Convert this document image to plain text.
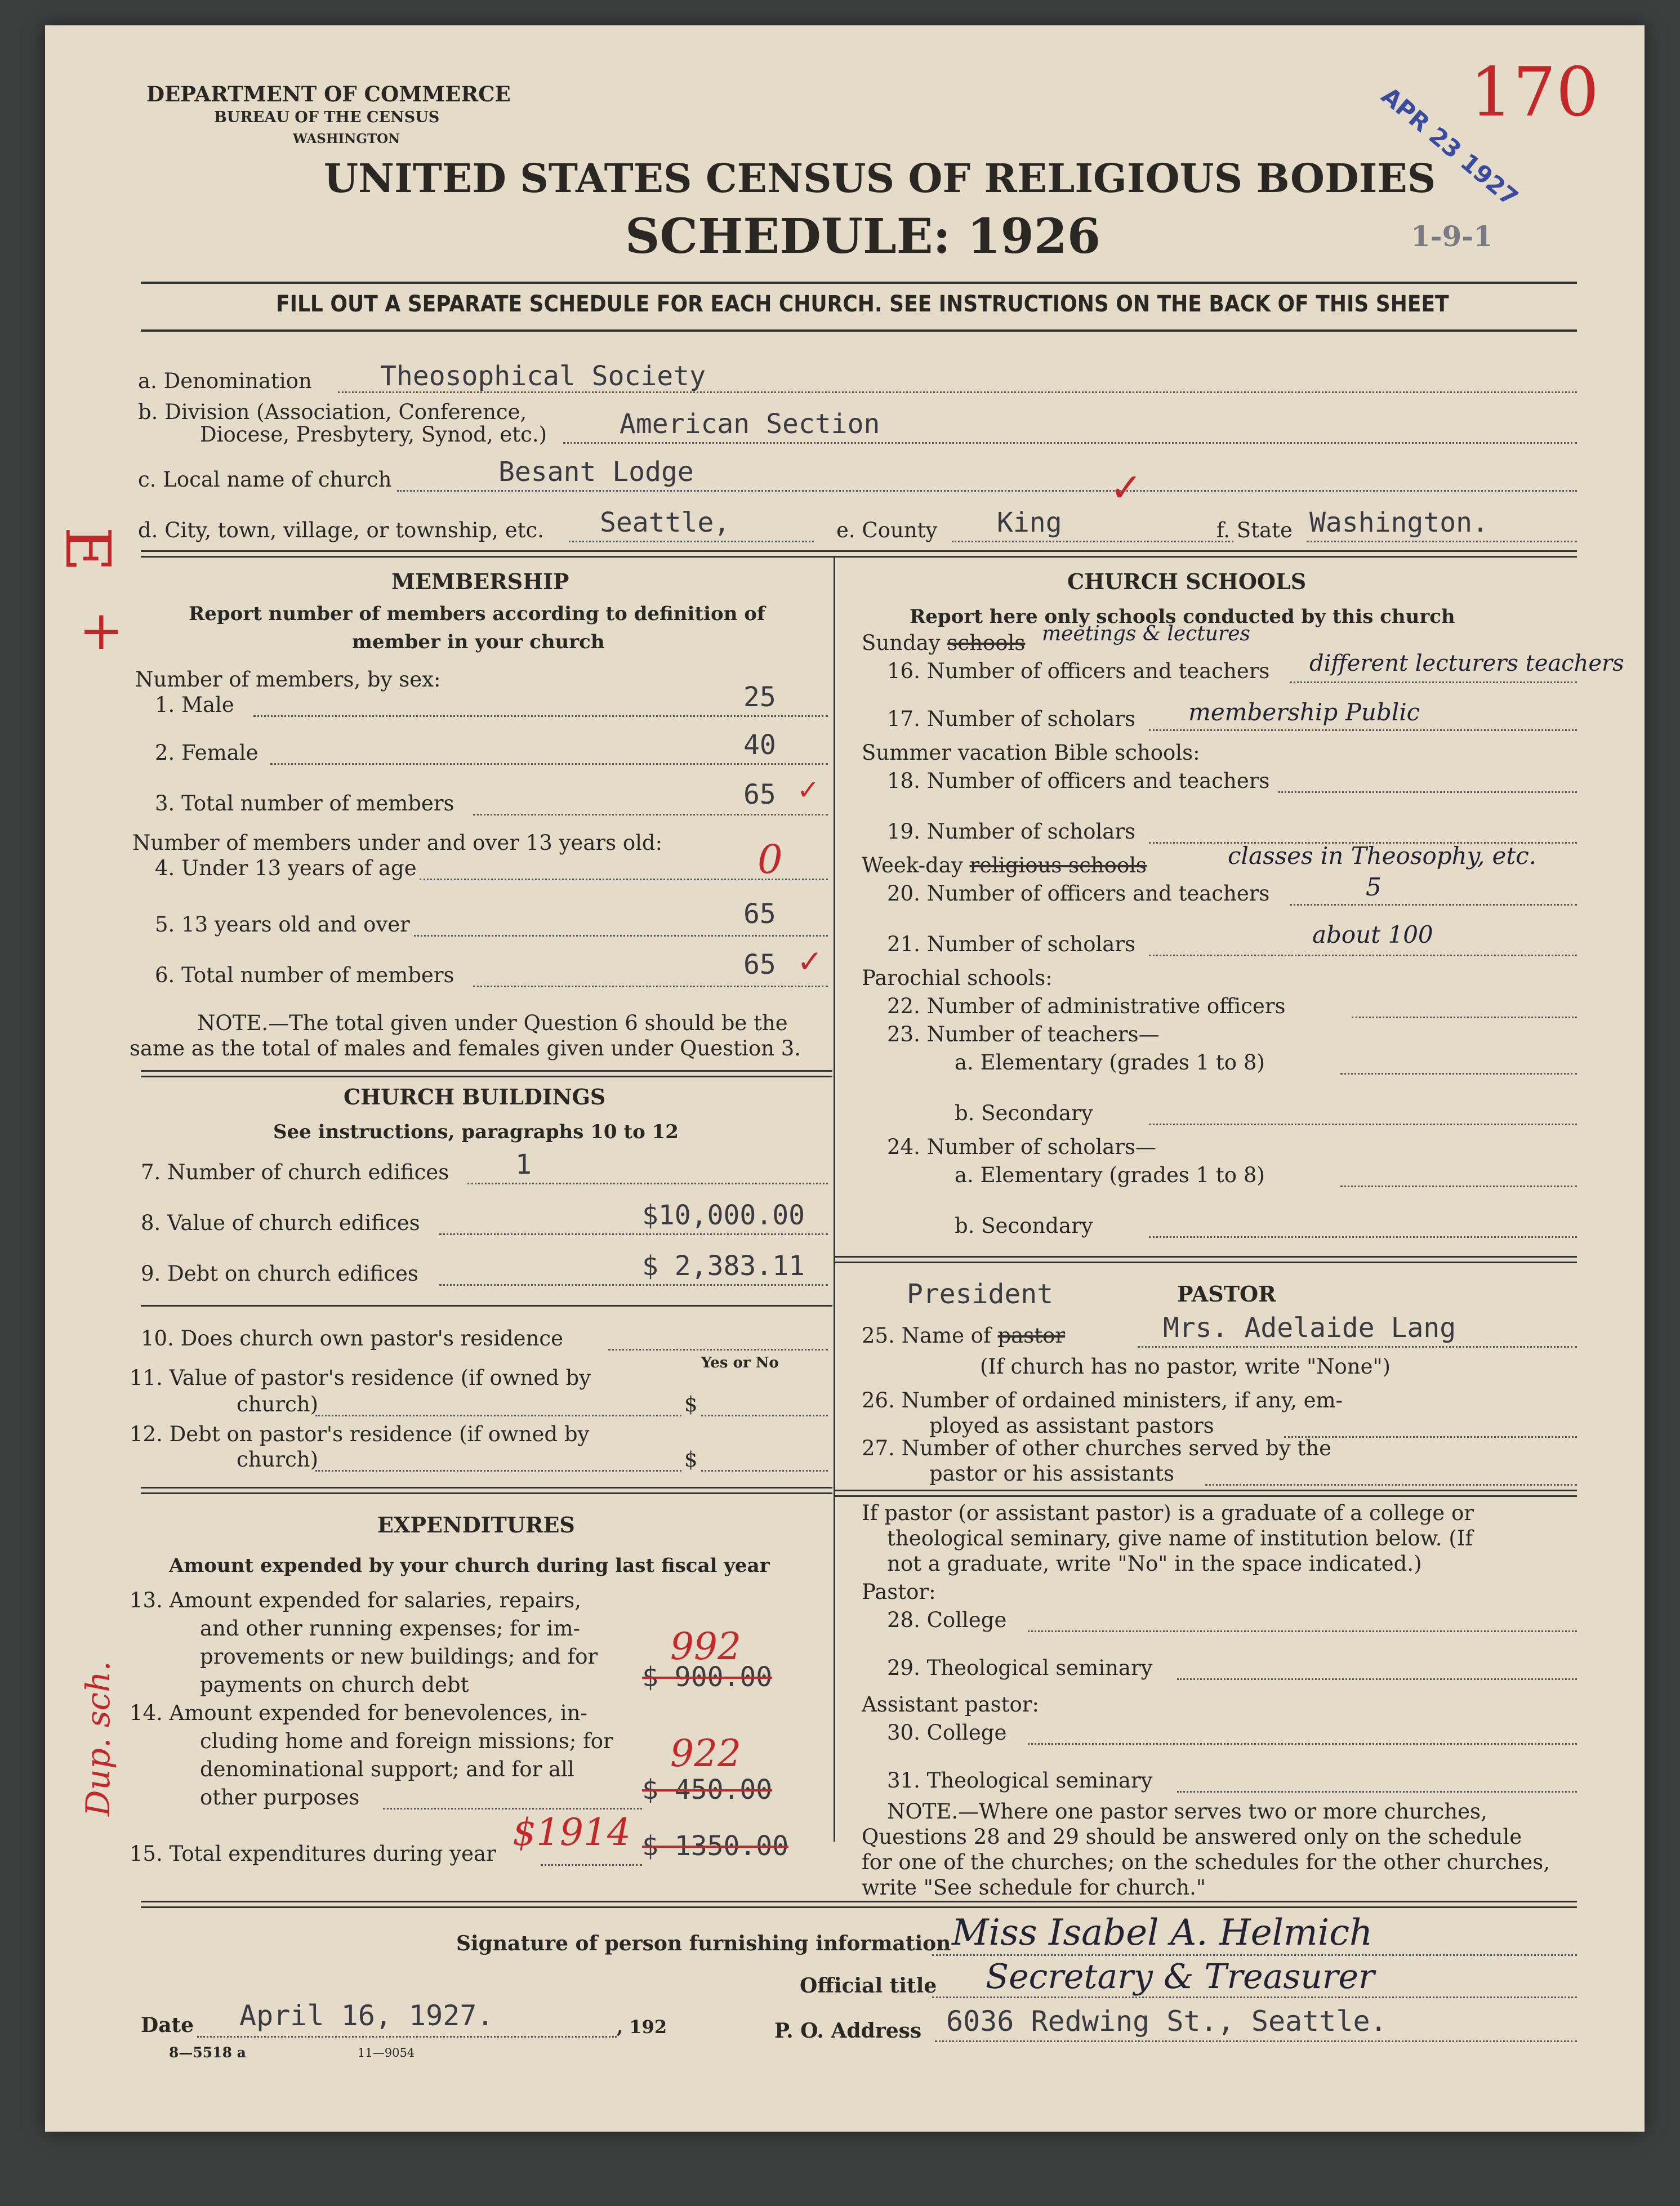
DEPARTMENT OF COMMERCE
BUREAU OF THE CENSUS
WASHINGTON
UNITED STATES CENSUS OF RELIGIOUS BODIES
SCHEDULE: 1926	1-9-1
APR 23 1927
170
FILL OUT A SEPARATE SCHEDULE FOR EACH CHURCH. SEE INSTRUCTIONS ON THE BACK OF THIS SHEET
a. Denomination	Theosophical Society
b. Division (Association, Conference,
Diocese, Presbytery, Synod, etc.)	American Section
c. Local name of church	Besant Lodge	✓
d. City, town, village, or township, etc. Seattle,	e. County King	f. State Washington.
E
+
Dup. sch.
MEMBERSHIP
Report number of members according to definition of
member in your church
Number of members, by sex:
1. Male	25
2. Female	40
3. Total number of members	65 ✓
Number of members under and over 13 years old:
4. Under 13 years of age	0
5. 13 years old and over	65
6. Total number of members	65 ✓
NOTE.—The total given under Question 6 should be the
same as the total of males and females given under Question 3.
CHURCH BUILDINGS
See instructions, paragraphs 10 to 12
7. Number of church edifices 1
8. Value of church edifices	$10,000.00
9. Debt on church edifices	$ 2,383.11
10. Does church own pastor's residence
Yes or No
11. Value of pastor's residence (if owned by
church)	$
12. Debt on pastor's residence (if owned by
church)	$
EXPENDITURES
Amount expended by your church during last fiscal year
13. Amount expended for salaries, repairs,
and other running expenses; for im-
provements or new buildings; and for
payments on church debt
992
$ 900.00
14. Amount expended for benevolences, in-
cluding home and foreign missions; for
denominational support; and for all
other purposes
922
$ 450.00
15. Total expenditures during year $1914 $ 1350.00
CHURCH SCHOOLS
Report here only schools conducted by this church
Sunday schools meetings & lectures
16. Number of officers and teachers different lecturers teachers
17. Number of scholars membership Public
Summer vacation Bible schools:
18. Number of officers and teachers
19. Number of scholars
Week-day religious schools	classes in Theosophy, etc.
20. Number of officers and teachers	5
21. Number of scholars	about 100
Parochial schools:
22. Number of administrative officers
23. Number of teachers—
a. Elementary (grades 1 to 8)
b. Secondary
24. Number of scholars—
a. Elementary (grades 1 to 8)
b. Secondary
President	PASTOR
25. Name of pastor	Mrs. Adelaide Lang
(If church has no pastor, write "None")
26. Number of ordained ministers, if any, em-
ployed as assistant pastors
27. Number of other churches served by the
pastor or his assistants
If pastor (or assistant pastor) is a graduate of a college or
theological seminary, give name of institution below. (If
not a graduate, write "No" in the space indicated.)
Pastor:
28. College
29. Theological seminary
Assistant pastor:
30. College
31. Theological seminary
NOTE.—Where one pastor serves two or more churches,
Questions 28 and 29 should be answered only on the schedule
for one of the churches; on the schedules for the other churches,
write "See schedule for church."
Signature of person furnishing information Miss Isabel A. Helmich
Official title Secretary & Treasurer
Date April 16, 1927.	, 192	P. O. Address 6036 Redwing St., Seattle.
8—5518 a	11—9054
